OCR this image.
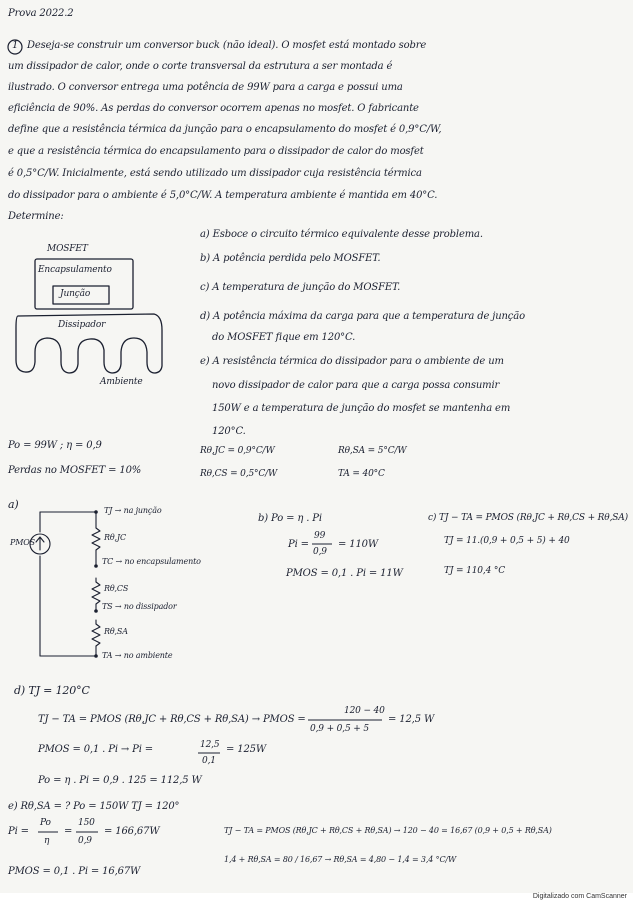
Prova 2022.2
1 Deseja-se construir um conversor buck (não ideal). O mosfet está montado sobre
um dissipador de calor, onde o corte transversal da estrutura a ser montada é
ilustrado. O conversor entrega uma potência de 99W para a carga e possui uma
eficiência de 90%. As perdas do conversor ocorrem apenas no mosfet. O fabricante
define que a resistência térmica da junção para o encapsulamento do mosfet é 0,9°C/W,
e que a resistência térmica do encapsulamento para o dissipador de calor do mosfet
é 0,5°C/W. Inicialmente, está sendo utilizado um dissipador cuja resistência térmica
do dissipador para o ambiente é 5,0°C/W. A temperatura ambiente é mantida em 40°C.
Determine:
a) Esboce o circuito térmico equivalente desse problema.
b) A potência perdida pelo MOSFET.
c) A temperatura de junção do MOSFET.
d) A potência máxima da carga para que a temperatura de junção
do MOSFET fique em 120°C.
e) A resistência térmica do dissipador para o ambiente de um
novo dissipador de calor para que a carga possa consumir
150W e a temperatura de junção do mosfet se mantenha em
120°C.
MOSFET
Encapsulamento
Junção
Dissipador
Ambiente
Po = 99W ; η = 0,9
Perdas no MOSFET = 10%
Rθ,JC = 0,9°C/W
Rθ,CS = 0,5°C/W
Rθ,SA = 5°C/W
TA = 40°C
a)
PMOS
TJ → na junção
Rθ,JC
TC → no encapsulamento
Rθ,CS
TS → no dissipador
Rθ,SA
TA → no ambiente
b) Po = η . Pi
Pi =
99
0,9
= 110W
PMOS = 0,1 . Pi = 11W
c) TJ − TA = PMOS (Rθ,JC + Rθ,CS + Rθ,SA)
TJ = 11.(0,9 + 0,5 + 5) + 40
TJ = 110,4 °C
d) TJ = 120°C
TJ − TA = PMOS (Rθ,JC + Rθ,CS + Rθ,SA) → PMOS =
120 − 40
0,9 + 0,5 + 5
= 12,5 W
PMOS = 0,1 . Pi → Pi =	12,5
0,1
= 125W
Po = η . Pi = 0,9 . 125 = 112,5 W
e) Rθ,SA = ? Po = 150W TJ = 120°
Pi =
Po
η
=
150
0,9
= 166,67W
PMOS = 0,1 . Pi = 16,67W
TJ − TA = PMOS (Rθ,JC + Rθ,CS + Rθ,SA) → 120 − 40 = 16,67 (0,9 + 0,5 + Rθ,SA)
1,4 + Rθ,SA = 80 / 16,67 → Rθ,SA = 4,80 − 1,4 = 3,4 °C/W
Digitalizado com CamScanner
